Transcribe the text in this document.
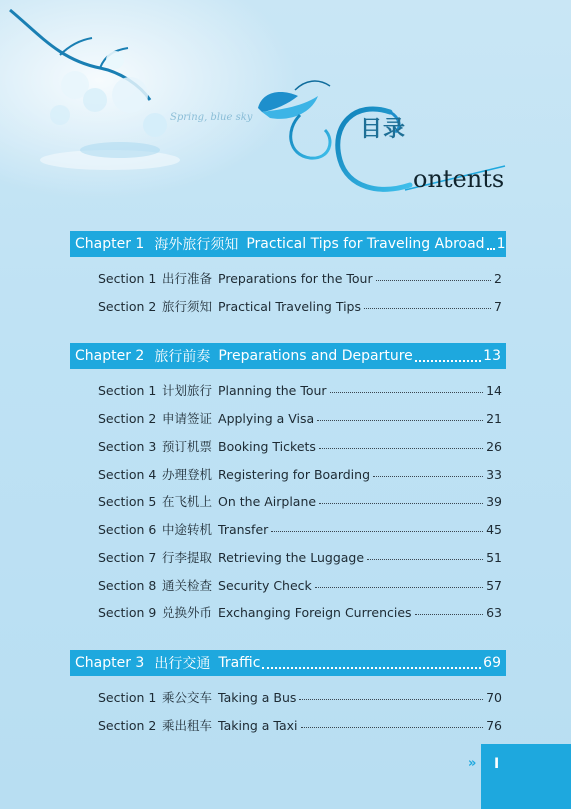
Spring, blue sky	目录
ontents
Chapter 1 海外旅行须知 Practical Tips for Traveling Abroad 1
Section 1 出行准备 Preparations for the Tour	2
Section 2 旅行须知 Practical Traveling Tips	7
Chapter 2 旅行前奏 Preparations and Departure	13
Section 1 计划旅行 Planning the Tour	14
Section 2 申请签证 Applying a Visa	21
Section 3 预订机票 Booking Tickets	26
Section 4 办理登机 Registering for Boarding	33
Section 5 在飞机上 On the Airplane	39
Section 6 中途转机 Transfer	45
Section 7 行李提取 Retrieving the Luggage	51
Section 8 通关检查 Security Check	57
Section 9 兑换外币 Exchanging Foreign Currencies	63
Chapter 3 出行交通 Traffic	69
Section 1 乘公交车 Taking a Bus	70
Section 2 乘出租车 Taking a Taxi	76
» I
